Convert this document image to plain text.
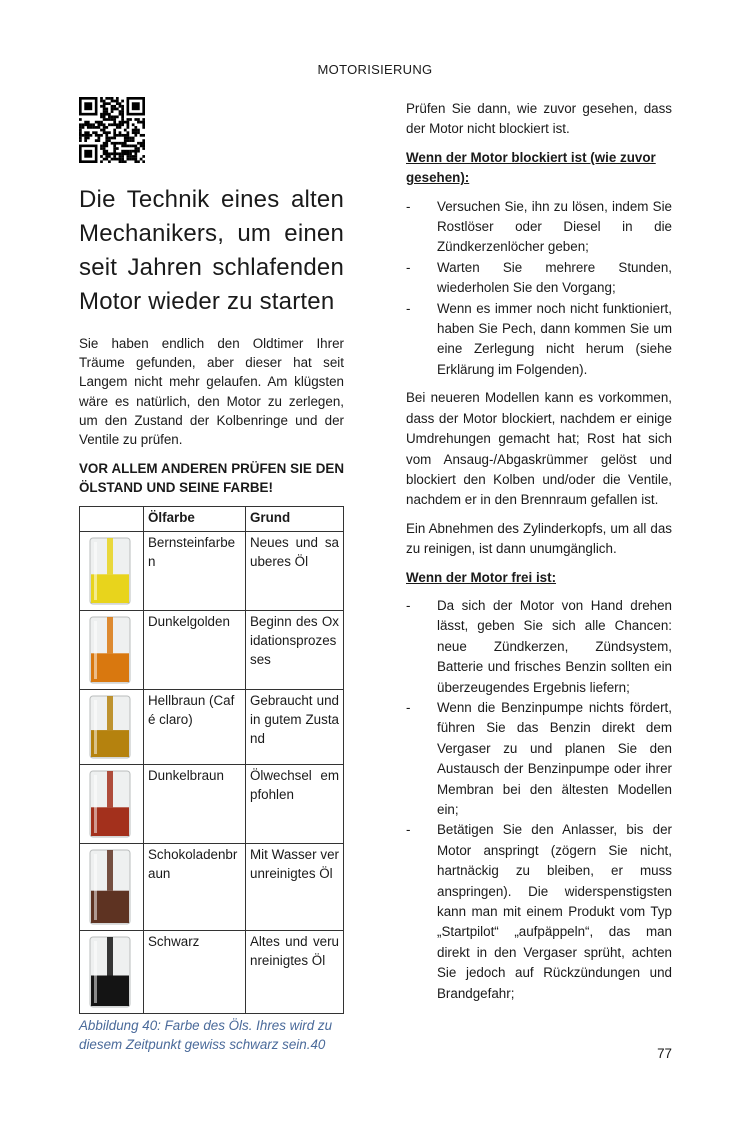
MOTORISIERUNG
Die Technik eines alten Mechanikers, um einen seit Jahren schlafenden Motor wieder zu starten

Sie haben endlich den Oldtimer Ihrer Träume gefunden, aber dieser hat seit Langem nicht mehr gelaufen. Am klügsten wäre es natürlich, den Motor zu zerlegen, um den Zustand der Kolbenringe und der Ventile zu prüfen.

VOR ALLEM ANDEREN PRÜFEN SIE DEN ÖLSTAND UND SEINE FARBE!

	Ölfarbe	Grund

	Bernsteinfarben	Neues und sauberes Öl

	Dunkelgolden	Beginn des Oxidationsprozesses

	Hellbraun (Café claro)	Gebraucht und in gutem Zustand

	Dunkelbraun	Ölwechsel empfohlen

	Schokoladenbraun	Mit Wasser verunreinigtes Öl

	Schwarz	Altes und verunreinigtes Öl
Abbildung 40: Farbe des Öls. Ihres wird zu diesem Zeitpunkt gewiss schwarz sein.40

Prüfen Sie dann, wie zuvor gesehen, dass der Motor nicht blockiert ist.

Wenn der Motor blockiert ist (wie zuvor gesehen):

- Versuchen Sie, ihn zu lösen, indem Sie Rostlöser oder Diesel in die Zündkerzenlöcher geben;
- Warten Sie mehrere Stunden, wiederholen Sie den Vorgang;
- Wenn es immer noch nicht funktioniert, haben Sie Pech, dann kommen Sie um eine Zerlegung nicht herum (siehe Erklärung im Folgenden).

Bei neueren Modellen kann es vorkommen, dass der Motor blockiert, nachdem er einige Umdrehungen gemacht hat; Rost hat sich vom Ansaug-/Abgaskrümmer gelöst und blockiert den Kolben und/oder die Ventile, nachdem er in den Brennraum gefallen ist.

Ein Abnehmen des Zylinderkopfs, um all das zu reinigen, ist dann unumgänglich.

Wenn der Motor frei ist:

- Da sich der Motor von Hand drehen lässt, geben Sie sich alle Chancen: neue Zündkerzen, Zündsystem, Batterie und frisches Benzin sollten ein überzeugendes Ergebnis liefern;
- Wenn die Benzinpumpe nichts fördert, führen Sie das Benzin direkt dem Vergaser zu und planen Sie den Austausch der Benzinpumpe oder ihrer Membran bei den ältesten Modellen ein;
- Betätigen Sie den Anlasser, bis der Motor anspringt (zögern Sie nicht, hartnäckig zu bleiben, er muss anspringen). Die widerspenstigsten kann man mit einem Produkt vom Typ „Startpilot“ „aufpäppeln“, das man direkt in den Vergaser sprüht, achten Sie jedoch auf Rückzündungen und Brandgefahr;
77
